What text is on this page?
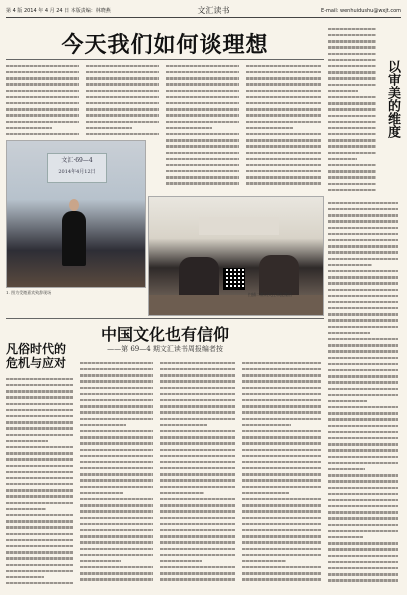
第 4 版 2014 年 4 月 24 日 本版责编：林晓燕	文汇读书	E-mail: wenhuidushu@wxjt.com
今天我们如何谈理想
文汇·69—4
2014年4月12日
1. 图为受邀嘉宾致辞现场	扫描二维码关注本报微信
中国文化也有信仰
——第 69—4 期文汇读书周报编者按
凡俗时代的危机与应对
以审美的维度
